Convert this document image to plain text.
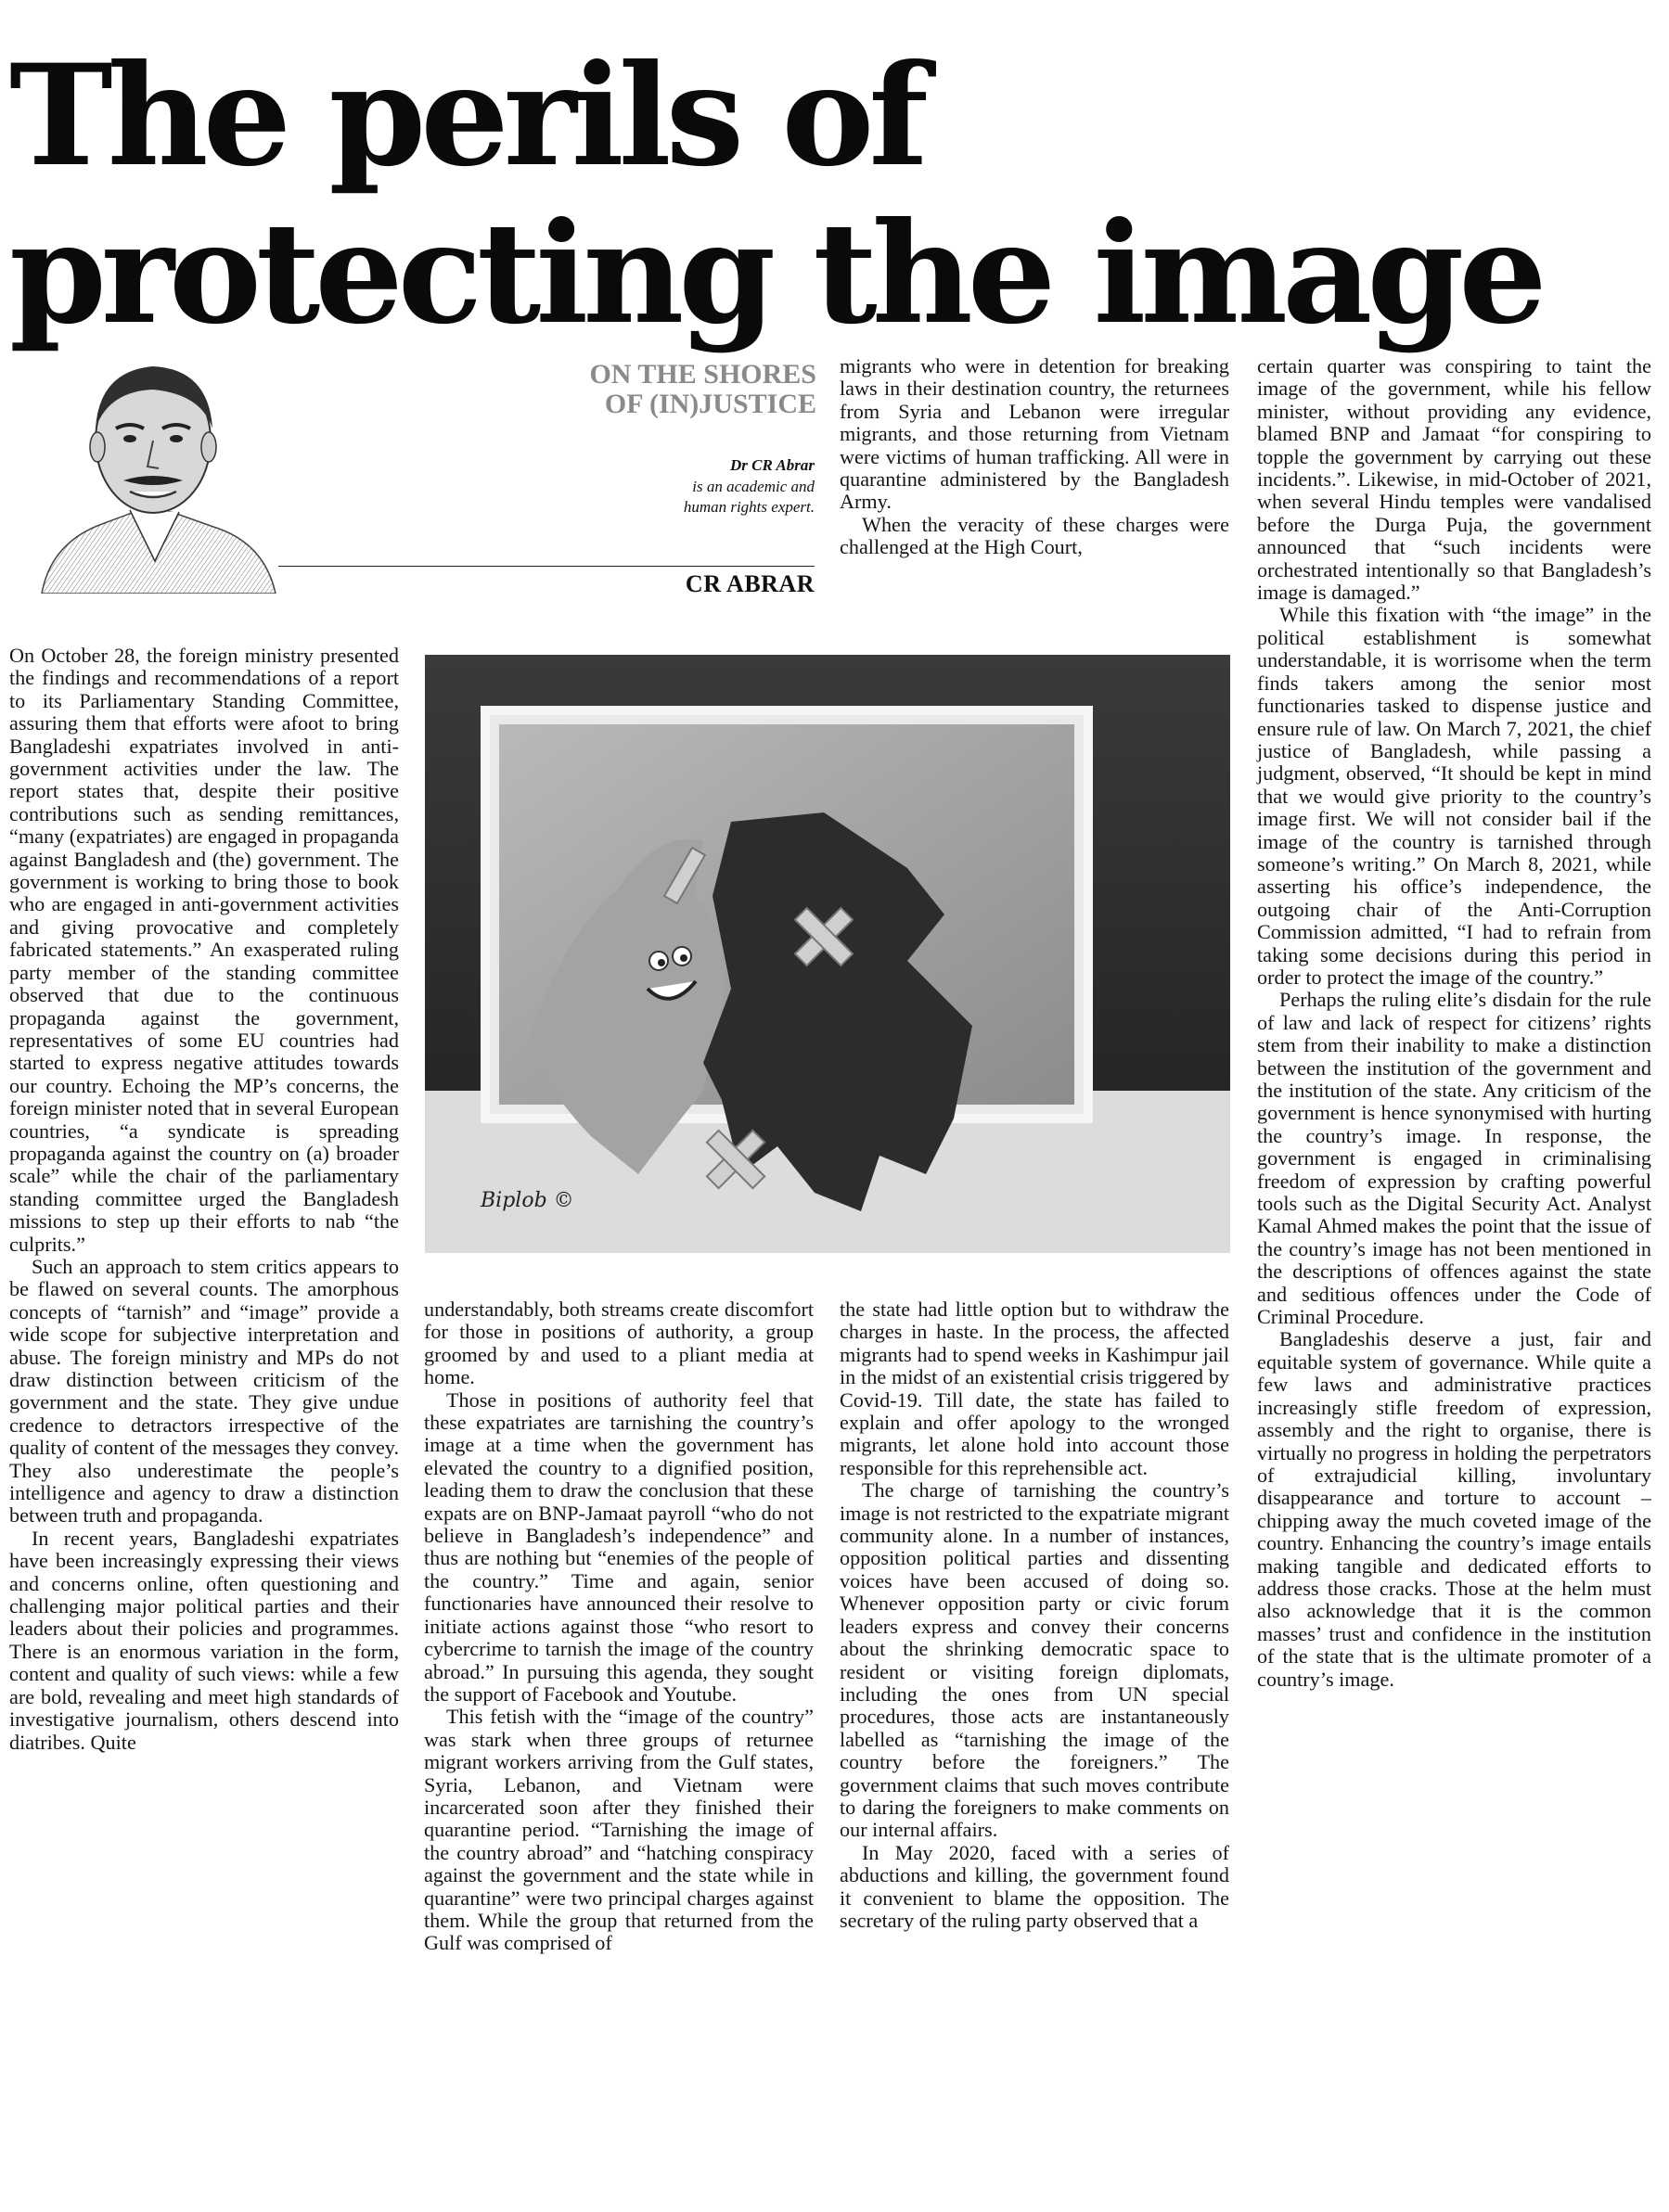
The perils of protecting the image
ON THE SHORES
OF (IN)JUSTICE
Dr CR Abrar
is an academic and
human rights expert.
CR ABRAR
Biplob ©

On October 28, the foreign ministry presented the findings and recommendations of a report to its Parliamentary Standing Committee, assuring them that efforts were afoot to bring Bangladeshi expatriates involved in anti-government activities under the law. The report states that, despite their positive contributions such as sending remittances, “many (expatriates) are engaged in propaganda against Bangladesh and (the) government. The government is working to bring those to book who are engaged in anti-government activities and giving provocative and completely fabricated statements.” An exasperated ruling party member of the standing committee observed that due to the continuous propaganda against the government, representatives of some EU countries had started to express negative attitudes towards our country. Echoing the MP’s concerns, the foreign minister noted that in several European countries, “a syndicate is spreading propaganda against the country on (a) broader scale” while the chair of the parliamentary standing committee urged the Bangladesh missions to step up their efforts to nab “the culprits.”

Such an approach to stem critics appears to be flawed on several counts. The amorphous concepts of “tarnish” and “image” provide a wide scope for subjective interpretation and abuse. The foreign ministry and MPs do not draw distinction between criticism of the government and the state. They give undue credence to detractors irrespective of the quality of content of the messages they convey. They also underestimate the people’s intelligence and agency to draw a distinction between truth and propaganda.

In recent years, Bangladeshi expatriates have been increasingly expressing their views and concerns online, often questioning and challenging major political parties and their leaders about their policies and programmes. There is an enormous variation in the form, content and quality of such views: while a few are bold, revealing and meet high standards of investigative journalism, others descend into diatribes. Quite

understandably, both streams create discomfort for those in positions of authority, a group groomed by and used to a pliant media at home.

Those in positions of authority feel that these expatriates are tarnishing the country’s image at a time when the government has elevated the country to a dignified position, leading them to draw the conclusion that these expats are on BNP-Jamaat payroll “who do not believe in Bangladesh’s independence” and thus are nothing but “enemies of the people of the country.” Time and again, senior functionaries have announced their resolve to initiate actions against those “who resort to cybercrime to tarnish the image of the country abroad.” In pursuing this agenda, they sought the support of Facebook and Youtube.

This fetish with the “image of the country” was stark when three groups of returnee migrant workers arriving from the Gulf states, Syria, Lebanon, and Vietnam were incarcerated soon after they finished their quarantine period. “Tarnishing the image of the country abroad” and “hatching conspiracy against the government and the state while in quarantine” were two principal charges against them. While the group that returned from the Gulf was comprised of

migrants who were in detention for breaking laws in their destination country, the returnees from Syria and Lebanon were irregular migrants, and those returning from Vietnam were victims of human trafficking. All were in quarantine administered by the Bangladesh Army.

When the veracity of these charges were challenged at the High Court,

the state had little option but to withdraw the charges in haste. In the process, the affected migrants had to spend weeks in Kashimpur jail in the midst of an existential crisis triggered by Covid-19. Till date, the state has failed to explain and offer apology to the wronged migrants, let alone hold into account those responsible for this reprehensible act.

The charge of tarnishing the country’s image is not restricted to the expatriate migrant community alone. In a number of instances, opposition political parties and dissenting voices have been accused of doing so. Whenever opposition party or civic forum leaders express and convey their concerns about the shrinking democratic space to resident or visiting foreign diplomats, including the ones from UN special procedures, those acts are instantaneously labelled as “tarnishing the image of the country before the foreigners.” The government claims that such moves contribute to daring the foreigners to make comments on our internal affairs.

In May 2020, faced with a series of abductions and killing, the government found it convenient to blame the opposition. The secretary of the ruling party observed that a

certain quarter was conspiring to taint the image of the government, while his fellow minister, without providing any evidence, blamed BNP and Jamaat “for conspiring to topple the government by carrying out these incidents.”. Likewise, in mid-October of 2021, when several Hindu temples were vandalised before the Durga Puja, the government announced that “such incidents were orchestrated intentionally so that Bangladesh’s image is damaged.”

While this fixation with “the image” in the political establishment is somewhat understandable, it is worrisome when the term finds takers among the senior most functionaries tasked to dispense justice and ensure rule of law. On March 7, 2021, the chief justice of Bangladesh, while passing a judgment, observed, “It should be kept in mind that we would give priority to the country’s image first. We will not consider bail if the image of the country is tarnished through someone’s writing.” On March 8, 2021, while asserting his office’s independence, the outgoing chair of the Anti-Corruption Commission admitted, “I had to refrain from taking some decisions during this period in order to protect the image of the country.”

Perhaps the ruling elite’s disdain for the rule of law and lack of respect for citizens’ rights stem from their inability to make a distinction between the institution of the government and the institution of the state. Any criticism of the government is hence synonymised with hurting the country’s image. In response, the government is engaged in criminalising freedom of expression by crafting powerful tools such as the Digital Security Act. Analyst Kamal Ahmed makes the point that the issue of the country’s image has not been mentioned in the descriptions of offences against the state and seditious offences under the Code of Criminal Procedure.

Bangladeshis deserve a just, fair and equitable system of governance. While quite a few laws and administrative practices increasingly stifle freedom of expression, assembly and the right to organise, there is virtually no progress in holding the perpetrators of extrajudicial killing, involuntary disappearance and torture to account – chipping away the much coveted image of the country. Enhancing the country’s image entails making tangible and dedicated efforts to address those cracks. Those at the helm must also acknowledge that it is the common masses’ trust and confidence in the institution of the state that is the ultimate promoter of a country’s image.
